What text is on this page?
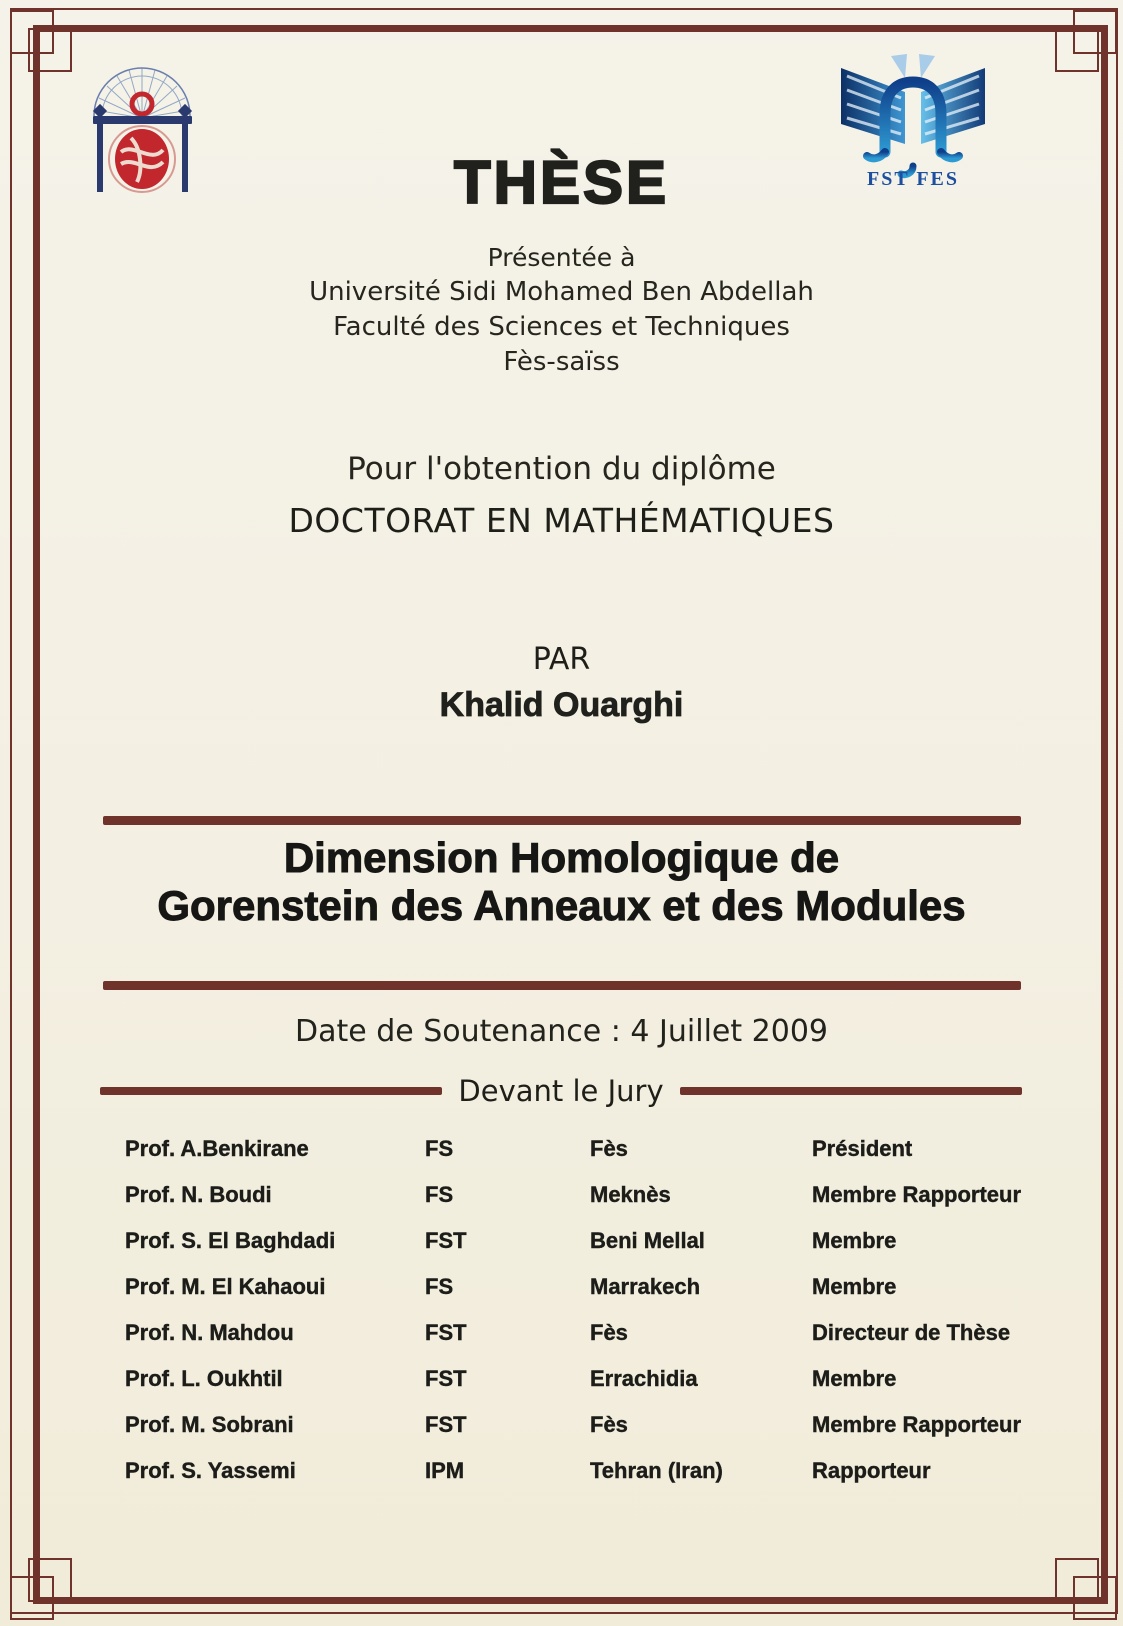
FST FES
THÈSE
Présentée à
Université Sidi Mohamed Ben Abdellah
Faculté des Sciences et Techniques
Fès-saïss
Pour l'obtention du diplôme
DOCTORAT EN MATHÉMATIQUES
PAR
Khalid Ouarghi
Dimension Homologique de
Gorenstein des Anneaux et des Modules
Date de Soutenance : 4 Juillet 2009
Devant le Jury
Prof. A.Benkirane	FS	Fès	Président
Prof. N. Boudi	FS	Meknès	Membre Rapporteur
Prof. S. El Baghdadi	FST	Beni Mellal	Membre
Prof. M. El Kahaoui	FS	Marrakech	Membre
Prof. N. Mahdou	FST	Fès	Directeur de Thèse
Prof. L. Oukhtil	FST	Errachidia	Membre
Prof. M. Sobrani	FST	Fès	Membre Rapporteur
Prof. S. Yassemi	IPM	Tehran (Iran)	Rapporteur
